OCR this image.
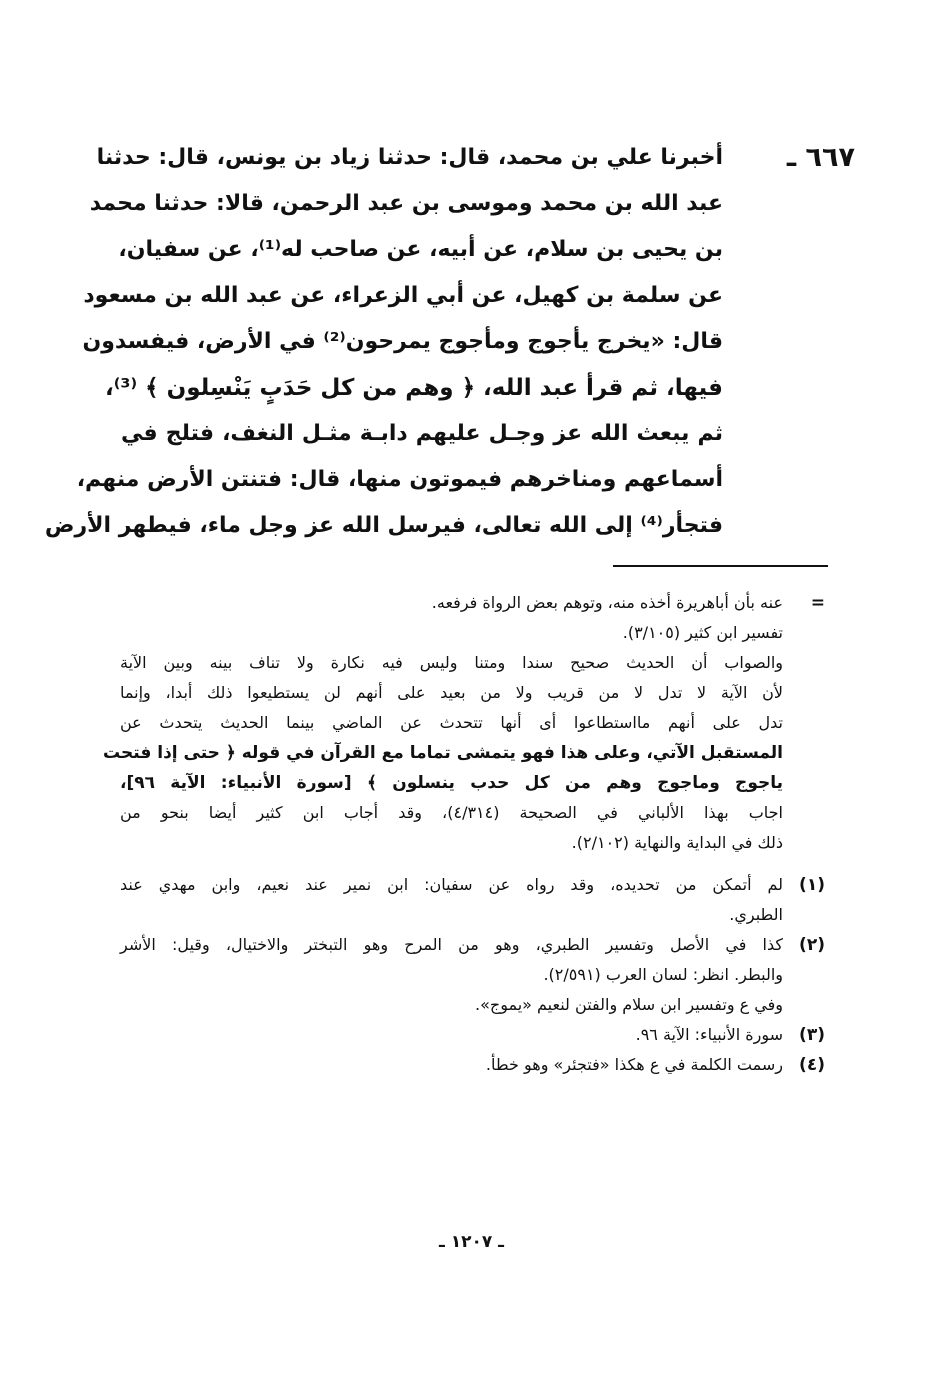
٦٦٧ ـ
أخبرنا علي بن محمد، قال: حدثنا زياد بن يونس، قال: حدثنا
عبد الله بن محمد وموسى بن عبد الرحمن، قالا: حدثنا محمد
بن يحيى بن سلام، عن أبيه، عن صاحب له⁽¹⁾، عن سفيان،
عن سلمة بن كهيل، عن أبي الزعراء، عن عبد الله بن مسعود
قال: «يخرج يأجوج ومأجوج يمرحون⁽²⁾ في الأرض، فيفسدون
فيها، ثم قرأ عبد الله، ﴿ وهم من كل حَدَبٍ يَنْسِلون ﴾ ⁽³⁾،
ثم يبعث الله عز وجـل عليهم دابـة مثـل النغف، فتلج في
أسماعهم ومناخرهم فيموتون منها، قال: فتنتن الأرض منهم،
فتجأر⁽⁴⁾ إلى الله تعالى، فيرسل الله عز وجل ماء، فيطهر الأرض
=
عنه بأن أباهريرة أخذه منه، وتوهم بعض الرواة فرفعه.
تفسير ابن كثير (٣/١٠٥).
والصواب أن الحديث صحيح سندا ومتنا وليس فيه نكارة ولا تناف بينه وبين الآية
لأن الآية لا تدل لا من قريب ولا من بعيد على أنهم لن يستطيعوا ذلك أبدا، وإنما
تدل على أنهم مااستطاعوا أى أنها تتحدث عن الماضي بينما الحديث يتحدث عن
المستقبل الآتي، وعلى هذا فهو يتمشى تماما مع القرآن في قوله ﴿ حتى إذا فتحت
ياجوج وماجوج وهم من كل حدب ينسلون ﴾ [سورة الأنبياء: الآية ٩٦]،
اجاب بهذا الألباني في الصحيحة (٤/٣١٤)، وقد أجاب ابن كثير أيضا بنحو من
ذلك في البداية والنهاية (٢/١٠٢).
(١)
لم أتمكن من تحديده، وقد رواه عن سفيان: ابن نمير عند نعيم، وابن مهدي عند
الطبري.
(٢)
كذا في الأصل وتفسير الطبري، وهو من المرح وهو التبختر والاختيال، وقيل: الأشر
والبطر. انظر: لسان العرب (٢/٥٩١).
وفي ع وتفسير ابن سلام والفتن لنعيم «يموج».
(٣)
سورة الأنبياء: الآية ٩٦.
(٤)
رسمت الكلمة في ع هكذا «فتجئر» وهو خطأ.
ـ ١٢٠٧ ـ
